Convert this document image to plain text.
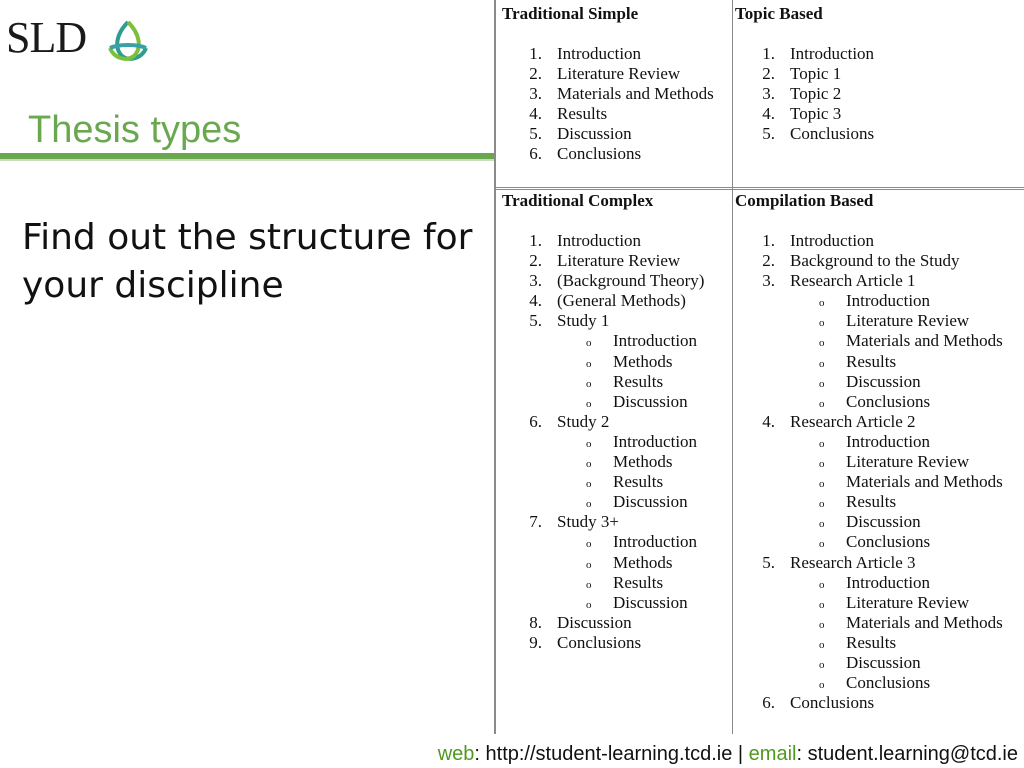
SLD
Thesis types
Find out the structure for your discipline
Traditional Simple
1. Introduction
2. Literature Review
3. Materials and Methods
4. Results
5. Discussion
6. Conclusions
Topic Based
1. Introduction
2. Topic 1
3. Topic 2
4. Topic 3
5. Conclusions
Traditional Complex
1. Introduction
2. Literature Review
3. (Background Theory)
4. (General Methods)
5. Study 1
o Introduction
o Methods
o Results
o Discussion
6. Study 2
o Introduction
o Methods
o Results
o Discussion
7. Study 3+
o Introduction
o Methods
o Results
o Discussion
8. Discussion
9. Conclusions
Compilation Based
1. Introduction
2. Background to the Study
3. Research Article 1
o Introduction
o Literature Review
o Materials and Methods
o Results
o Discussion
o Conclusions
4. Research Article 2
o Introduction
o Literature Review
o Materials and Methods
o Results
o Discussion
o Conclusions
5. Research Article 3
o Introduction
o Literature Review
o Materials and Methods
o Results
o Discussion
o Conclusions
6. Conclusions
web: http://student-learning.tcd.ie | email: student.learning@tcd.ie
